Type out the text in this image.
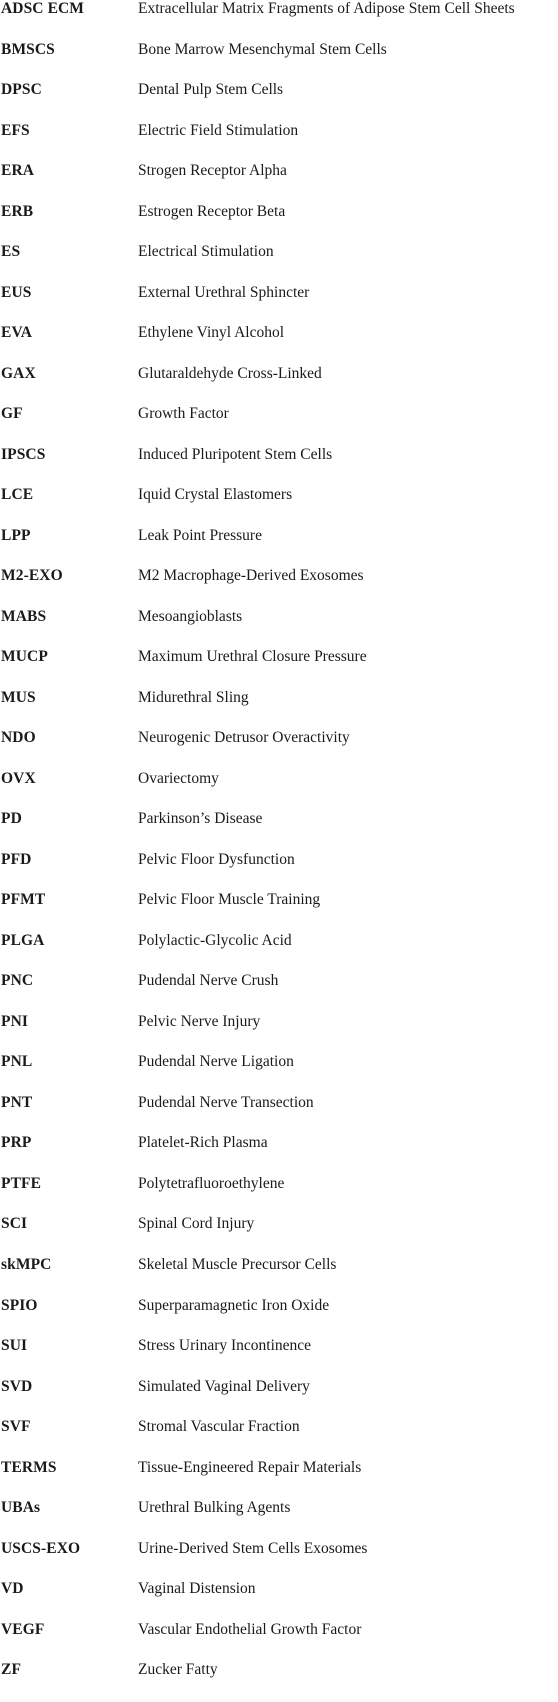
ADSC ECM	Extracellular Matrix Fragments of Adipose Stem Cell Sheets
BMSCS	Bone Marrow Mesenchymal Stem Cells
DPSC	Dental Pulp Stem Cells
EFS	Electric Field Stimulation
ERA	Strogen Receptor Alpha
ERB	Estrogen Receptor Beta
ES	Electrical Stimulation
EUS	External Urethral Sphincter
EVA	Ethylene Vinyl Alcohol
GAX	Glutaraldehyde Cross-Linked
GF	Growth Factor
IPSCS	Induced Pluripotent Stem Cells
LCE	Iquid Crystal Elastomers
LPP	Leak Point Pressure
M2-EXO	M2 Macrophage-Derived Exosomes
MABS	Mesoangioblasts
MUCP	Maximum Urethral Closure Pressure
MUS	Midurethral Sling
NDO	Neurogenic Detrusor Overactivity
OVX	Ovariectomy
PD	Parkinson’s Disease
PFD	Pelvic Floor Dysfunction
PFMT	Pelvic Floor Muscle Training
PLGA	Polylactic-Glycolic Acid
PNC	Pudendal Nerve Crush
PNI	Pelvic Nerve Injury
PNL	Pudendal Nerve Ligation
PNT	Pudendal Nerve Transection
PRP	Platelet-Rich Plasma
PTFE	Polytetrafluoroethylene
SCI	Spinal Cord Injury
skMPC	Skeletal Muscle Precursor Cells
SPIO	Superparamagnetic Iron Oxide
SUI	Stress Urinary Incontinence
SVD	Simulated Vaginal Delivery
SVF	Stromal Vascular Fraction
TERMS	Tissue-Engineered Repair Materials
UBAs	Urethral Bulking Agents
USCS-EXO	Urine-Derived Stem Cells Exosomes
VD	Vaginal Distension
VEGF	Vascular Endothelial Growth Factor
ZF	Zucker Fatty
